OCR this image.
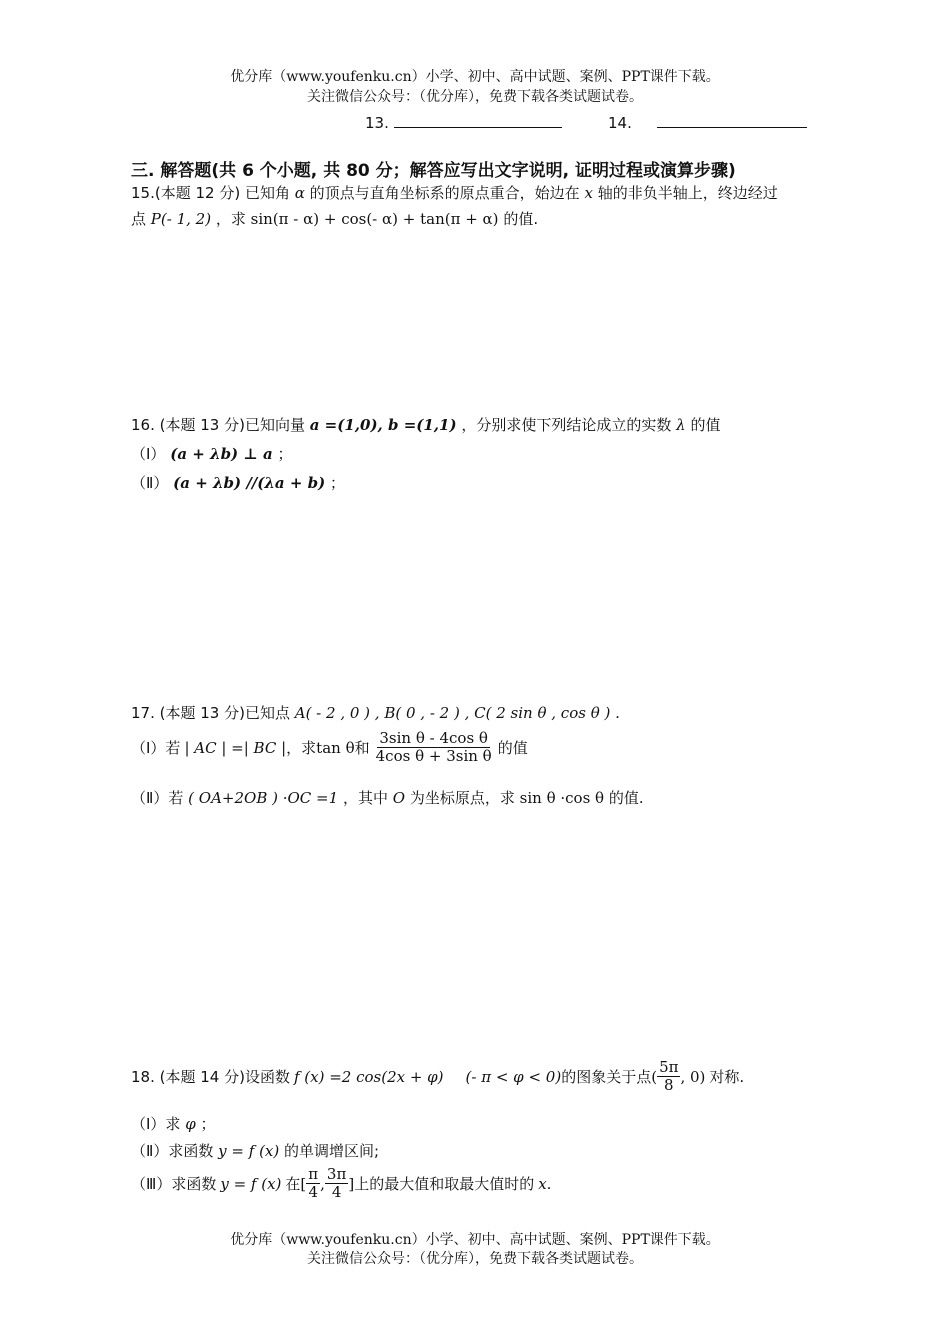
优分库（www.youfenku.cn）小学、初中、高中试题、案例、PPT课件下载。
关注微信公众号：（优分库），免费下载各类试题试卷。
13.	14.
三. 解答题(共 6 个小题, 共 80 分；解答应写出文字说明, 证明过程或演算步骤)
15.(本题 12 分) 已知角 α 的顶点与直角坐标系的原点重合，始边在 x 轴的非负半轴上，终边经过
点 P(- 1, 2) ，求 sin(π - α) + cos(- α) + tan(π + α) 的值.
16. (本题 13 分)已知向量 a =(1,0), b =(1,1) ，分别求使下列结论成立的实数 λ 的值
（Ⅰ） (a + λb) ⊥ a ；
（Ⅱ） (a + λb) //(λa + b) ；
17. (本题 13 分)已知点 A( - 2 , 0 ) , B( 0 , - 2 ) , C( 2 sin θ , cos θ ) .
（Ⅰ）若 | AC | =| BC | ，求 tan θ 和 $\frac{\text{3sin θ - 4cos θ}}{\text{4cos θ + 3sin θ}}$ 的值
（Ⅱ）若 ( OA+2OB ) ·OC =1 ，其中 O 为坐标原点，求 sin θ ·cos θ 的值.
18. (本题 14 分)设函数 f (x) =2 cos(2x + φ) (- π < φ < 0) 的图象关于点 ( $\frac{5\pi}{8}$ , 0) 对称.
（Ⅰ）求 φ ；
（Ⅱ）求函数 y = f (x) 的单调增区间;
（Ⅲ）求函数 y = f (x) 在 [ $\frac{\pi}{4}$ , $\frac{3\pi}{4}$ ] 上的最大值和取最大值时的 x .
优分库（www.youfenku.cn）小学、初中、高中试题、案例、PPT课件下载。
关注微信公众号：（优分库），免费下载各类试题试卷。
